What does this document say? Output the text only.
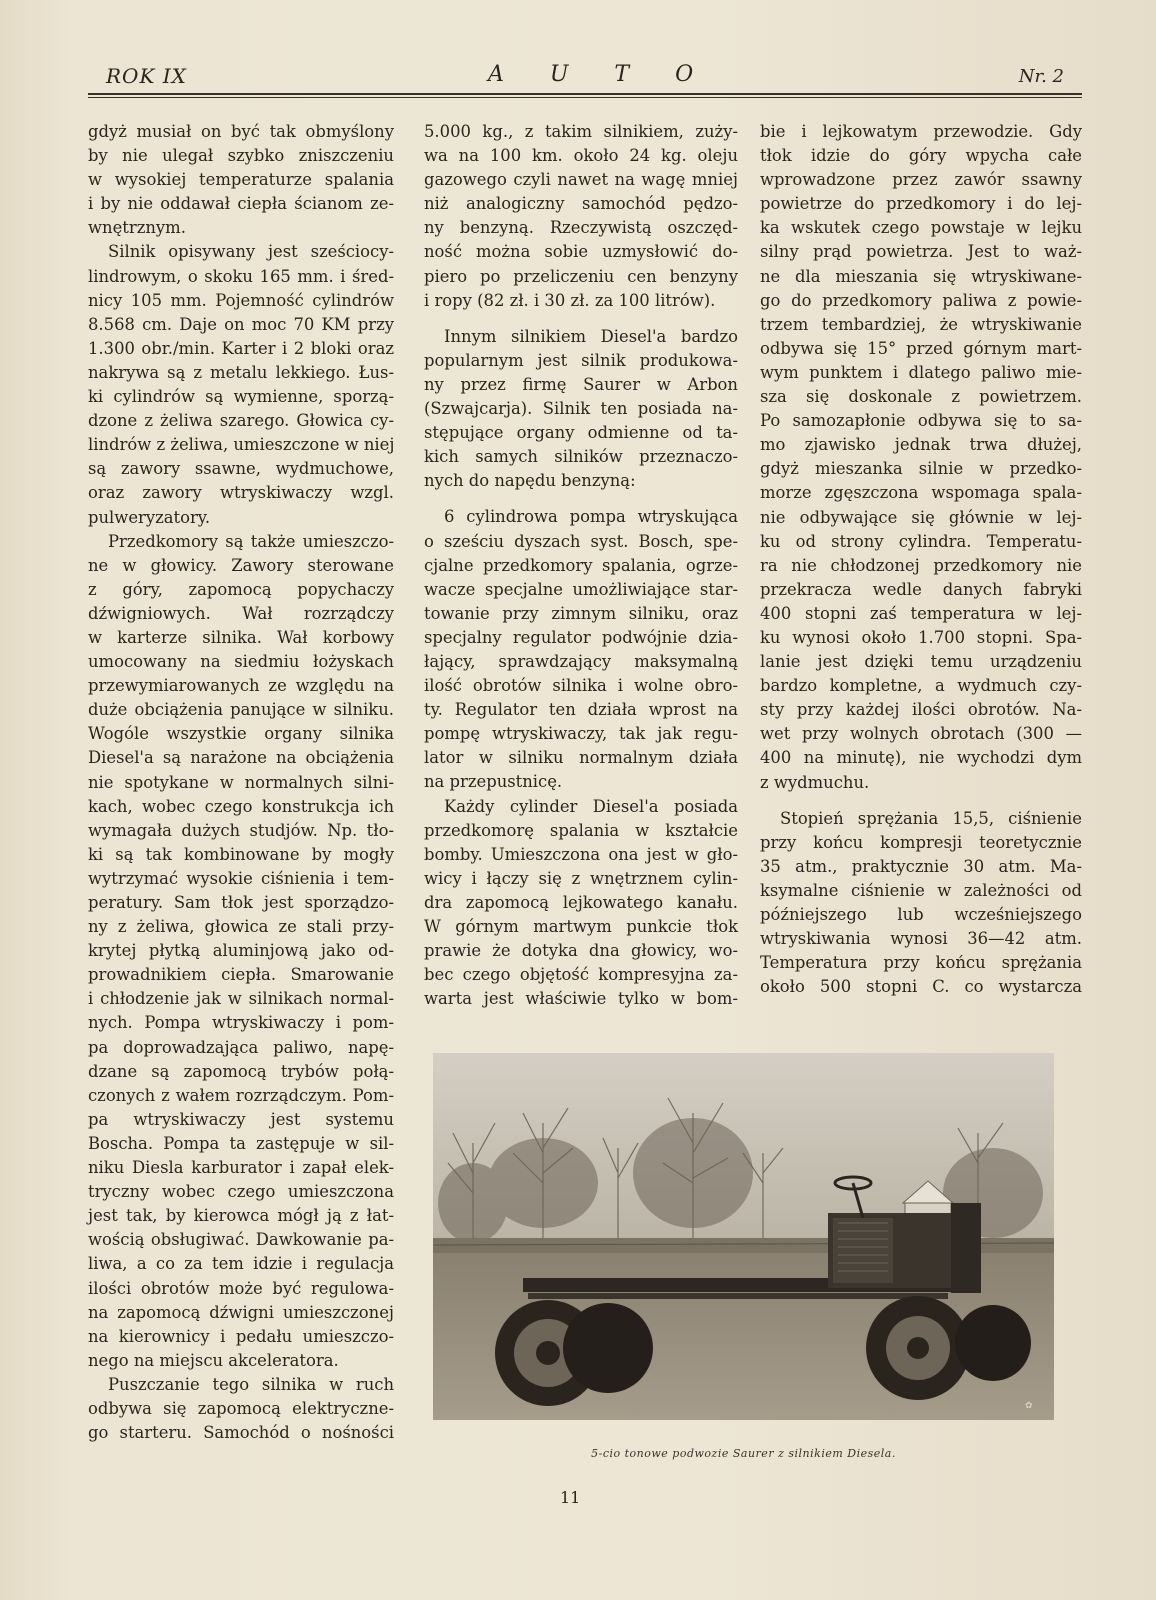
ROK IX	AUTO	Nr. 2
gdyż musiał on być tak obmyślony
by nie ulegał szybko zniszczeniu
w wysokiej temperaturze spalania
i by nie oddawał ciepła ścianom ze-
wnętrznym.
Silnik opisywany jest sześciocy-
lindrowym, o skoku 165 mm. i śred-
nicy 105 mm. Pojemność cylindrów
8.568 cm. Daje on moc 70 KM przy
1.300 obr./min. Karter i 2 bloki oraz
nakrywa są z metalu lekkiego. Łus-
ki cylindrów są wymienne, sporzą-
dzone z żeliwa szarego. Głowica cy-
lindrów z żeliwa, umieszczone w niej
są zawory ssawne, wydmuchowe,
oraz zawory wtryskiwaczy wzgl.
pulweryzatory.
Przedkomory są także umieszczo-
ne w głowicy. Zawory sterowane
z góry, zapomocą popychaczy
dźwigniowych. Wał rozrządczy
w karterze silnika. Wał korbowy
umocowany na siedmiu łożyskach
przewymiarowanych ze względu na
duże obciążenia panujące w silniku.
Wogóle wszystkie organy silnika
Diesel'a są narażone na obciążenia
nie spotykane w normalnych silni-
kach, wobec czego konstrukcja ich
wymagała dużych studjów. Np. tło-
ki są tak kombinowane by mogły
wytrzymać wysokie ciśnienia i tem-
peratury. Sam tłok jest sporządzo-
ny z żeliwa, głowica ze stali przy-
krytej płytką aluminjową jako od-
prowadnikiem ciepła. Smarowanie
i chłodzenie jak w silnikach normal-
nych. Pompa wtryskiwaczy i pom-
pa doprowadzająca paliwo, napę-
dzane są zapomocą trybów połą-
czonych z wałem rozrządczym. Pom-
pa wtryskiwaczy jest systemu
Boscha. Pompa ta zastępuje w sil-
niku Diesla karburator i zapał elek-
tryczny wobec czego umieszczona
jest tak, by kierowca mógł ją z łat-
wością obsługiwać. Dawkowanie pa-
liwa, a co za tem idzie i regulacja
ilości obrotów może być regulowa-
na zapomocą dźwigni umieszczonej
na kierownicy i pedału umieszczo-
nego na miejscu akceleratora.
Puszczanie tego silnika w ruch
odbywa się zapomocą elektryczne-
go starteru. Samochód o nośności
5.000 kg., z takim silnikiem, zuży-
wa na 100 km. około 24 kg. oleju
gazowego czyli nawet na wagę mniej
niż analogiczny samochód pędzo-
ny benzyną. Rzeczywistą oszczęd-
ność można sobie uzmysłowić do-
piero po przeliczeniu cen benzyny
i ropy (82 zł. i 30 zł. za 100 litrów).
Innym silnikiem Diesel'a bardzo
popularnym jest silnik produkowa-
ny przez firmę Saurer w Arbon
(Szwajcarja). Silnik ten posiada na-
stępujące organy odmienne od ta-
kich samych silników przeznaczo-
nych do napędu benzyną:
6 cylindrowa pompa wtryskująca
o sześciu dyszach syst. Bosch, spe-
cjalne przedkomory spalania, ogrze-
wacze specjalne umożliwiające star-
towanie przy zimnym silniku, oraz
specjalny regulator podwójnie dzia-
łający, sprawdzający maksymalną
ilość obrotów silnika i wolne obro-
ty. Regulator ten działa wprost na
pompę wtryskiwaczy, tak jak regu-
lator w silniku normalnym działa
na przepustnicę.
Każdy cylinder Diesel'a posiada
przedkomorę spalania w kształcie
bomby. Umieszczona ona jest w gło-
wicy i łączy się z wnętrznem cylin-
dra zapomocą lejkowatego kanału.
W górnym martwym punkcie tłok
prawie że dotyka dna głowicy, wo-
bec czego objętość kompresyjna za-
warta jest właściwie tylko w bom-
bie i lejkowatym przewodzie. Gdy
tłok idzie do góry wpycha całe
wprowadzone przez zawór ssawny
powietrze do przedkomory i do lej-
ka wskutek czego powstaje w lejku
silny prąd powietrza. Jest to waż-
ne dla mieszania się wtryskiwane-
go do przedkomory paliwa z powie-
trzem tembardziej, że wtryskiwanie
odbywa się 15° przed górnym mart-
wym punktem i dlatego paliwo mie-
sza się doskonale z powietrzem.
Po samozapłonie odbywa się to sa-
mo zjawisko jednak trwa dłużej,
gdyż mieszanka silnie w przedko-
morze zgęszczona wspomaga spala-
nie odbywające się głównie w lej-
ku od strony cylindra. Temperatu-
ra nie chłodzonej przedkomory nie
przekracza wedle danych fabryki
400 stopni zaś temperatura w lej-
ku wynosi około 1.700 stopni. Spa-
lanie jest dzięki temu urządzeniu
bardzo kompletne, a wydmuch czy-
sty przy każdej ilości obrotów. Na-
wet przy wolnych obrotach (300 —
400 na minutę), nie wychodzi dym
z wydmuchu.
Stopień sprężania 15,5, ciśnienie
przy końcu kompresji teoretycznie
35 atm., praktycznie 30 atm. Ma-
ksymalne ciśnienie w zależności od
późniejszego lub wcześniejszego
wtryskiwania wynosi 36—42 atm.
Temperatura przy końcu sprężania
około 500 stopni C. co wystarcza
✿
5-cio tonowe podwozie Saurer z silnikiem Diesela.
11
